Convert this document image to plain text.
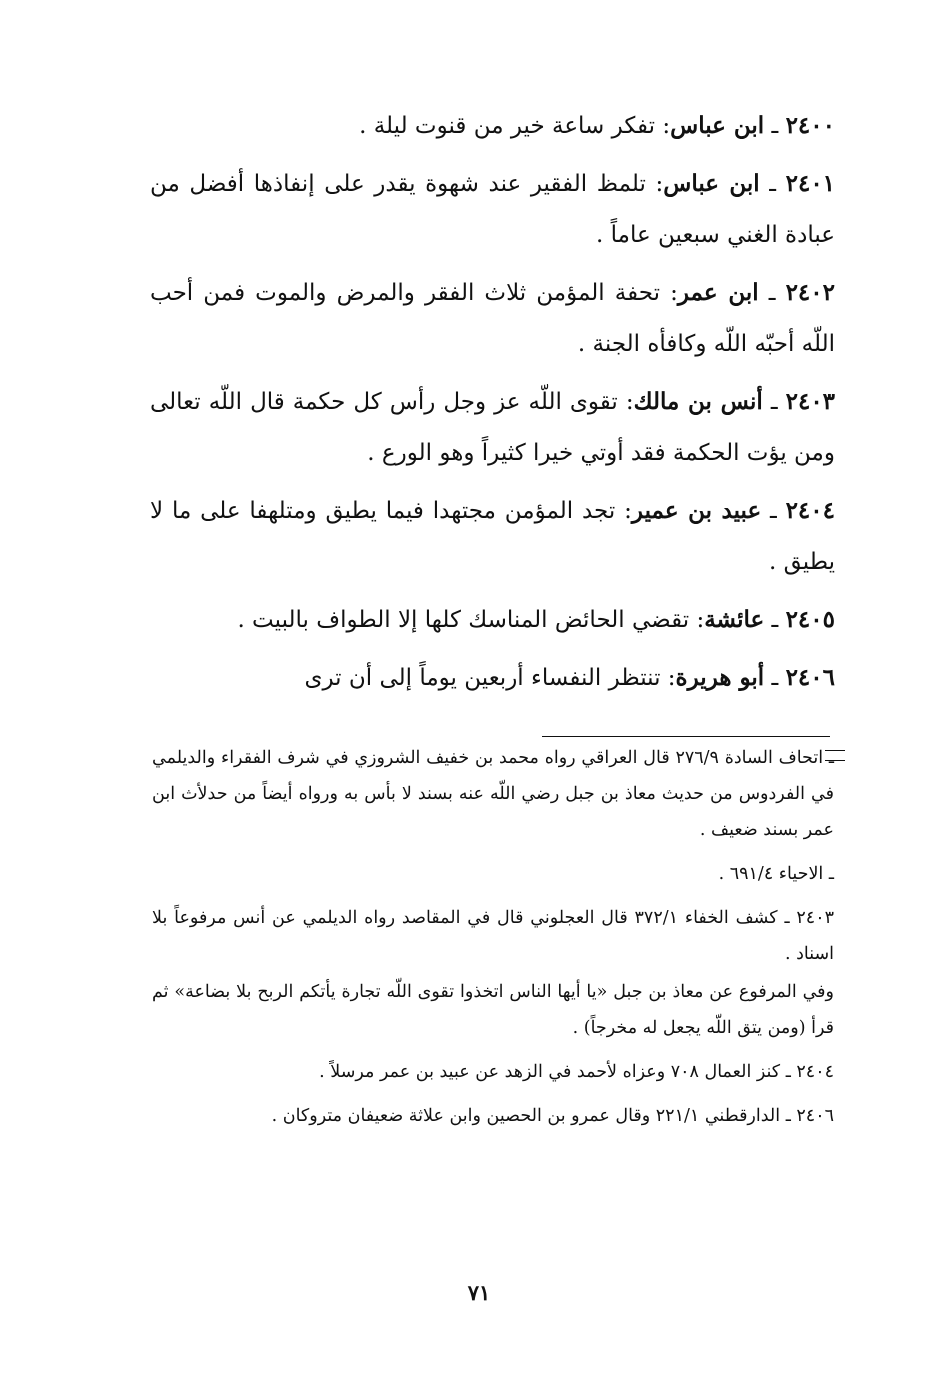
٢٤٠٠ ـ ابن عباس: تفكر ساعة خير من قنوت ليلة .

٢٤٠١ ـ ابن عباس: تلمظ الفقير عند شهوة يقدر على إنفاذها أفضل من عبادة الغني سبعين عاماً .

٢٤٠٢ ـ ابن عمر: تحفة المؤمن ثلاث الفقر والمرض والموت فمن أحب اللّه أحبّه اللّه وكافأه الجنة .

٢٤٠٣ ـ أنس بن مالك: تقوى اللّه عز وجل رأس كل حكمة قال اللّه تعالى ومن يؤت الحكمة فقد أوتي خيرا كثيراً وهو الورع .

٢٤٠٤ ـ عبيد بن عمير: تجد المؤمن مجتهدا فيما يطيق ومتلهفا على ما لا يطيق .

٢٤٠٥ ـ عائشة: تقضي الحائض المناسك كلها إلا الطواف بالبيت .

٢٤٠٦ ـ أبو هريرة: تنتظر النفساء أربعين يوماً إلى أن ترى

ـ اتحاف السادة ٢٧٦/٩ قال العراقي رواه محمد بن خفيف الشروزي في شرف الفقراء والديلمي في الفردوس من حديث معاذ بن جبل رضي اللّه عنه بسند لا بأس به ورواه أيضاً من حدلأث ابن عمر بسند ضعيف .

ـ الاحياء ٦٩١/٤ .

٢٤٠٣ ـ كشف الخفاء ٣٧٢/١ قال العجلوني قال في المقاصد رواه الديلمي عن أنس مرفوعاً بلا اسناد .

وفي المرفوع عن معاذ بن جبل «يا أيها الناس اتخذوا تقوى اللّه تجارة يأتكم الربح بلا بضاعة» ثم قرأ (ومن يتق اللّه يجعل له مخرجاً) .

٢٤٠٤ ـ كنز العمال ٧٠٨ وعزاه لأحمد في الزهد عن عبيد بن عمر مرسلاً .

٢٤٠٦ ـ الدارقطني ٢٢١/١ وقال عمرو بن الحصين وابن علاثة ضعيفان متروكان .

٧١
